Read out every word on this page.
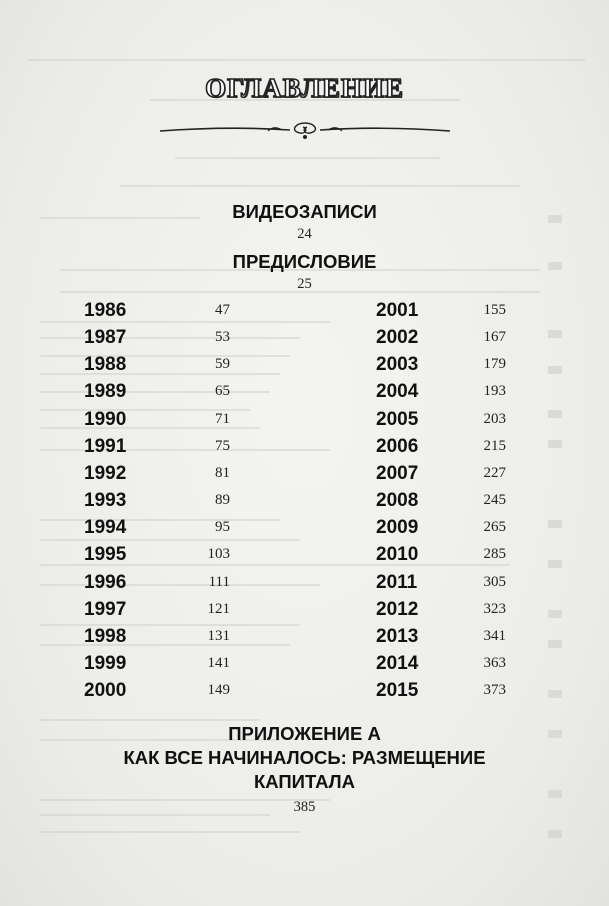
ОГЛАВЛЕНИЕ
ВИДЕОЗАПИСИ
24
ПРЕДИСЛОВИЕ
25
1986	47
1987	53
1988	59
1989	65
1990	71
1991	75
1992	81
1993	89
1994	95
1995	103
1996	111
1997	121
1998	131
1999	141
2000	149
2001	155
2002	167
2003	179
2004	193
2005	203
2006	215
2007	227
2008	245
2009	265
2010	285
2011	305
2012	323
2013	341
2014	363
2015	373
ПРИЛОЖЕНИЕ А
КАК ВСЕ НАЧИНАЛОСЬ: РАЗМЕЩЕНИЕ
КАПИТАЛА
385
